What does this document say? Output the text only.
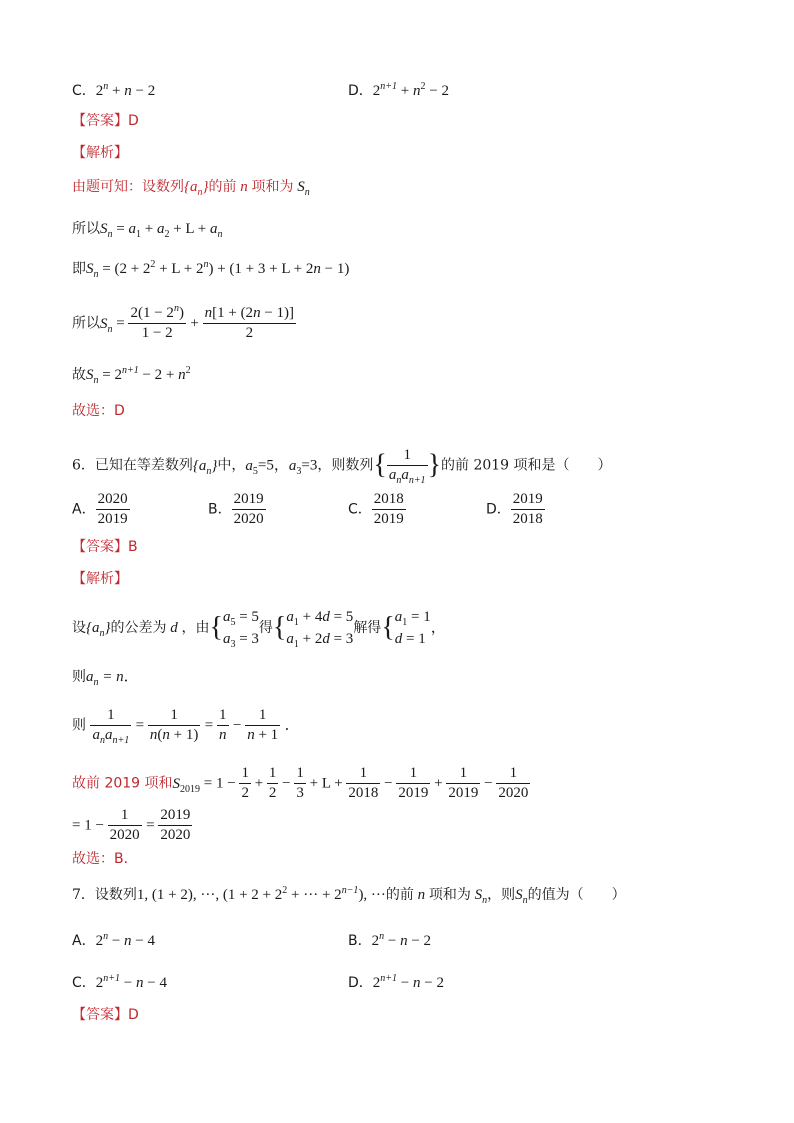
C．$2^n + n - 2$	D．$2^{n+1} + n^2 - 2$
【答案】D
【解析】
由题可知：设数列$\{a_n\}$的前 n 项和为 $S_n$
所以$S_n = a_1 + a_2 + L + a_n$
即$S_n = (2 + 2^2 + L + 2^n) + (1 + 3 + L + 2n - 1)$
所以$S_n = \frac{2(1 - 2^n)}{1 - 2} + \frac{n[1 + (2n - 1)]}{2}$
故$S_n = 2^{n+1} - 2 + n^2$
故选：D
6．已知在等差数列$\{a_n\}$中，$a_5=5$，$a_3=3$，则数列{ $\frac{1}{a_na_{n+1}}$ }的前 2019 项和是（　　）
A． $\frac{2020}{2019}$	B． $\frac{2019}{2020}$	C． $\frac{2018}{2019}$	D． $\frac{2019}{2018}$
【答案】B
【解析】
设$\{a_n\}$的公差为 d ，由{$a_5 = 5$
$a_3 = 3$得{$a_1 + 4d = 5$
$a_1 + 2d = 3$解得{$a_1 = 1$
d = 1，
则$a_n = n$．
则 $\frac{1}{a_na_{n+1}} = \frac{1}{n(n + 1)} = \frac{1}{n} - \frac{1}{n + 1}$ ．
故前 2019 项和$S_{2019} = 1 - \frac{1}{2} + \frac{1}{2} - \frac{1}{3} + L + \frac{1}{2018} - \frac{1}{2019} + \frac{1}{2019} - \frac{1}{2020}$
= $1 - \frac{1}{2020} = \frac{2019}{2020}$
故选：B．
7．设数列1, (1 + 2), ···, ($1 + 2 + 2^2$ + ··· + $2^{n-1}$), ···的前 n 项和为 $S_n$，则$S_n$的值为（　　）
A．$2^n - n - 4$	B．$2^n - n - 2$
C．$2^{n+1} - n - 4$	D．$2^{n+1} - n - 2$
【答案】D
